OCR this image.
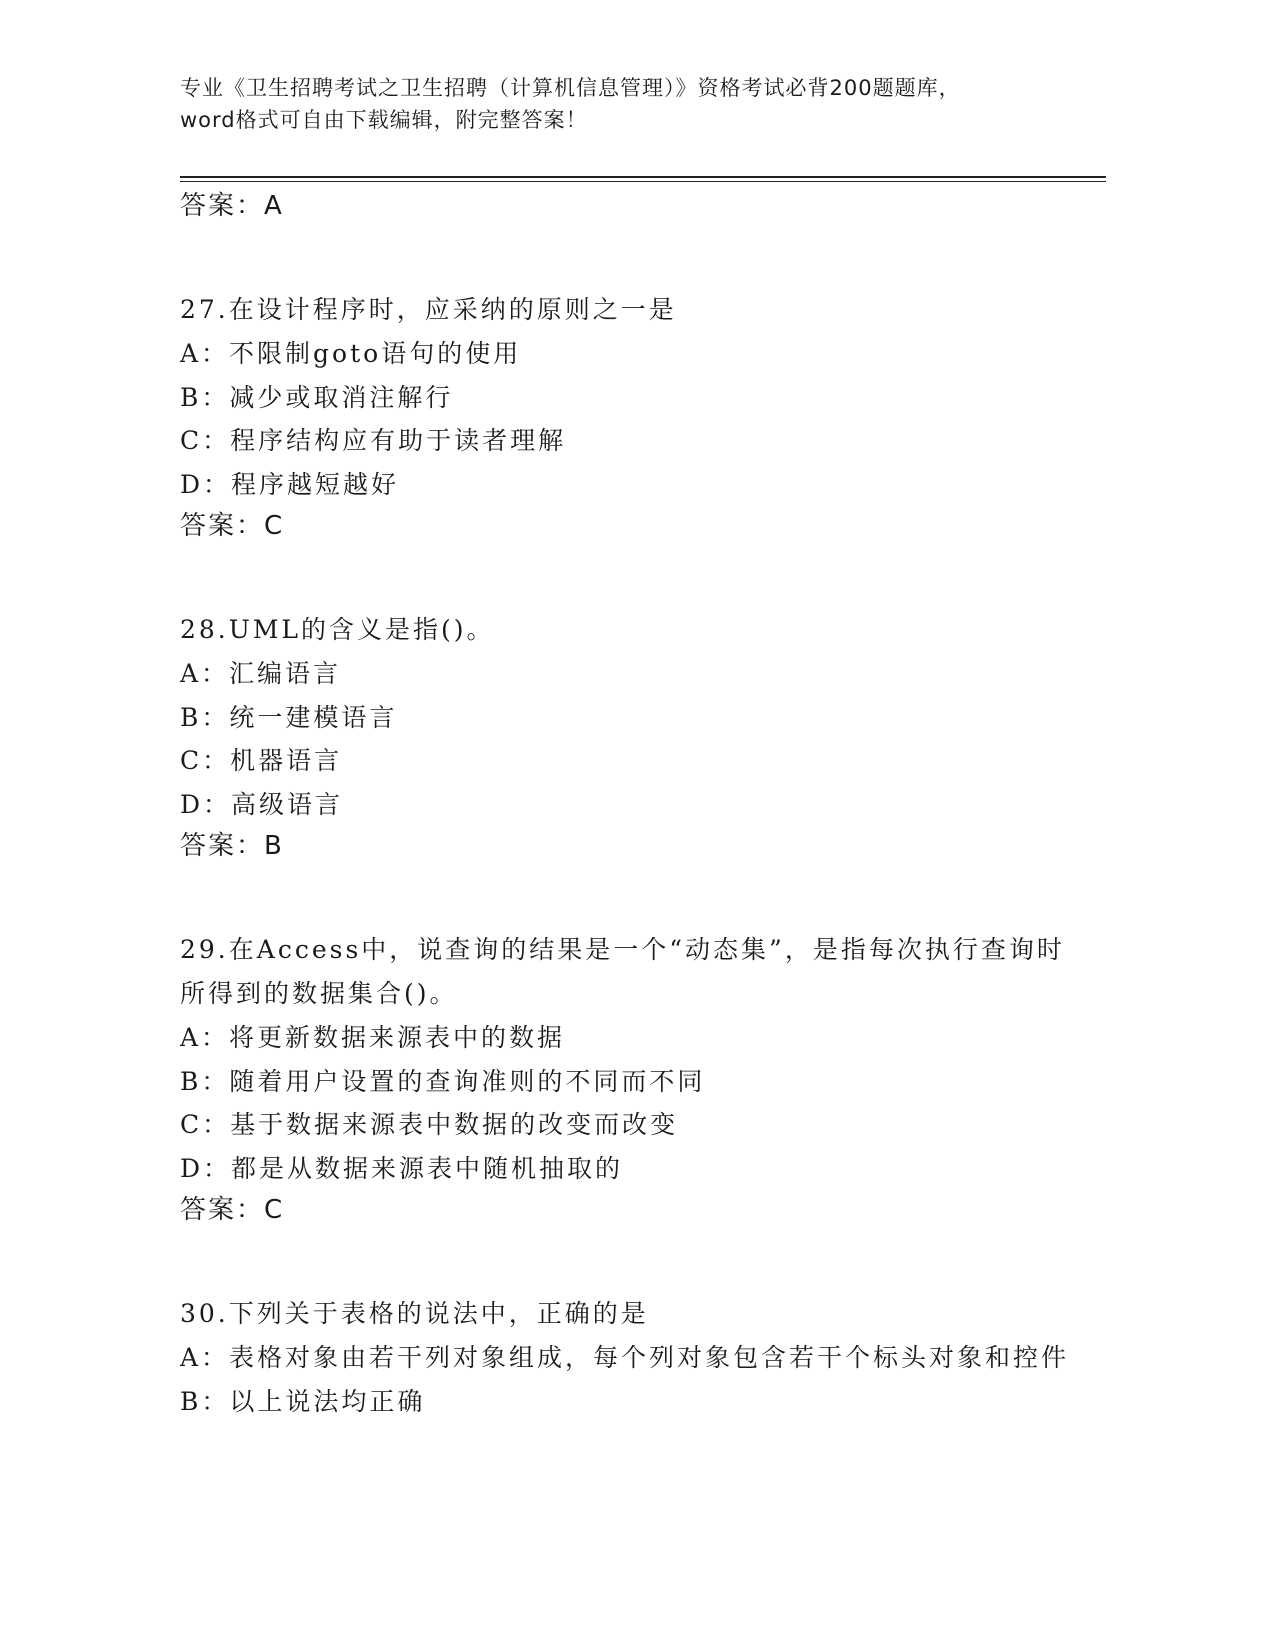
专业《卫生招聘考试之卫生招聘（计算机信息管理）》资格考试必背200题题库，
word格式可自由下载编辑，附完整答案！
答案：A

27.在设计程序时，应采纳的原则之一是

A：不限制goto语句的使用

B：减少或取消注解行

C：程序结构应有助于读者理解

D：程序越短越好

答案：C

28.UML的含义是指()。

A：汇编语言

B：统一建模语言

C：机器语言

D：高级语言

答案：B

29.在Access中，说查询的结果是一个“动态集”，是指每次执行查询时所得到的数据集合()。

A：将更新数据来源表中的数据

B：随着用户设置的查询准则的不同而不同

C：基于数据来源表中数据的改变而改变

D：都是从数据来源表中随机抽取的

答案：C

30.下列关于表格的说法中，正确的是

A：表格对象由若干列对象组成，每个列对象包含若干个标头对象和控件

B：以上说法均正确
